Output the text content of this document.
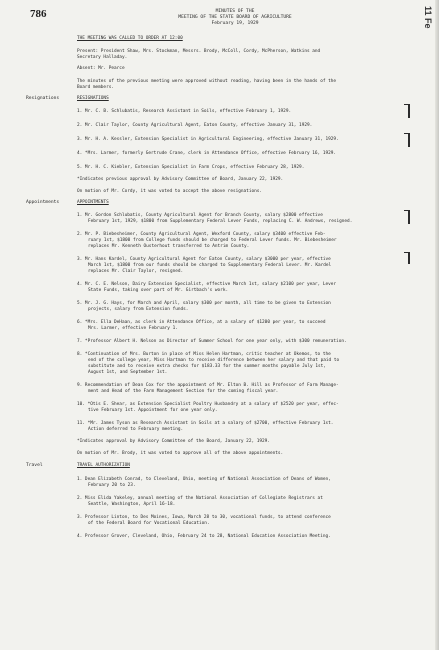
786	11 Fe
MINUTES OF THE
MEETING OF THE STATE BOARD OF AGRICULTURE
February 19, 1929
THE MEETING WAS CALLED TO ORDER AT 12:00
Present: President Shaw, Mrs. Stockman, Messrs. Brody, McColl, Cordy, McPherson, Watkins and
Secretary Halladay.
Absent: Mr. Pearce
The minutes of the previous meeting were approved without reading, having been in the hands of the
Board members.
Resignations	RESIGNATIONS
1. Mr. C. B. Schlubatis, Research Assistant in Soils, effective February 1, 1929.
2. Mr. Clair Taylor, County Agricultural Agent, Eaton County, effective January 31, 1929.
3. Mr. H. A. Kessler, Extension Specialist in Agricultural Engineering, effective January 31, 1929.
4. *Mrs. Larmer, formerly Gertrude Crane, clerk in Attendance Office, effective February 16, 1929.
5. Mr. H. C. Kiebler, Extension Specialist in Farm Crops, effective February 28, 1929.
*Indicates previous approval by Advisory Committee of Board, January 22, 1929.
On motion of Mr. Cordy, it was voted to accept the above resignations.
Appointments	APPOINTMENTS
1. Mr. Gordon Schlubatis, County Agricultural Agent for Branch County, salary $2800 effective
February 1st, 1929, $1800 from Supplementary Federal Lever Funds, replacing C. W. Andrews, resigned.
2. Mr. P. Biebesheimer, County Agricultural Agent, Wexford County, salary $3400 effective Feb-
ruary 1st, $1800 from College funds should be charged to Federal Lever funds. Mr. Biebesheimer
replaces Mr. Kenneth Ousterhout transferred to Antrim County.
3. Mr. Hans Kardel, County Agricultural Agent for Eaton County, salary $3000 per year, effective
March 1st, $1800 from our funds should be charged to Supplementary Federal Lever. Mr. Kardel
replaces Mr. Clair Taylor, resigned.
4. Mr. C. E. Nelson, Dairy Extension Specialist, effective March 1st, salary $2100 per year, Lever
State Funds, taking over part of Mr. Girtbach's work.
5. Mr. J. G. Hays, for March and April, salary $300 per month, all time to be given to Extension
projects, salary from Extension funds.
6. *Mrs. Ella DeHaan, as clerk in Attendance Office, at a salary of $1200 per year, to succeed
Mrs. Larmer, effective February 1.
7. *Professor Albert H. Nelson as Director of Summer School for one year only, with $300 remuneration.
8. *Continuation of Mrs. Burton in place of Miss Helen Hartman, critic teacher at Okemos, to the
end of the college year, Miss Hartman to receive difference between her salary and that paid to
substitute and to receive extra checks for $183.33 for the summer months payable July 1st,
August 1st, and September 1st.
9. Recommendation of Dean Cox for the appointment of Mr. Elton B. Hill as Professor of Farm Manage-
ment and Head of the Farm Management Section for the coming fiscal year.
10. *Otis E. Shear, as Extension Specialist Poultry Husbandry at a salary of $2520 per year, effec-
tive February 1st. Appointment for one year only.
11. *Mr. James Tyson as Research Assistant in Soils at a salary of $2700, effective February 1st.
Action deferred to February meeting.
*Indicates approval by Advisory Committee of the Board, January 22, 1929.
On motion of Mr. Brody, it was voted to approve all of the above appointments.
Travel	TRAVEL AUTHORIZATION
1. Dean Elizabeth Conrad, to Cleveland, Ohio, meeting of National Association of Deans of Women,
February 20 to 23.
2. Miss Elida Yakeley, annual meeting of the National Association of Collegiate Registrars at
Seattle, Washington, April 16-18.
3. Professor Linton, to Des Moines, Iowa, March 28 to 30, vocational funds, to attend conference
of the Federal Board for Vocational Education.
4. Professor Grover, Cleveland, Ohio, February 24 to 28, National Education Association Meeting.
